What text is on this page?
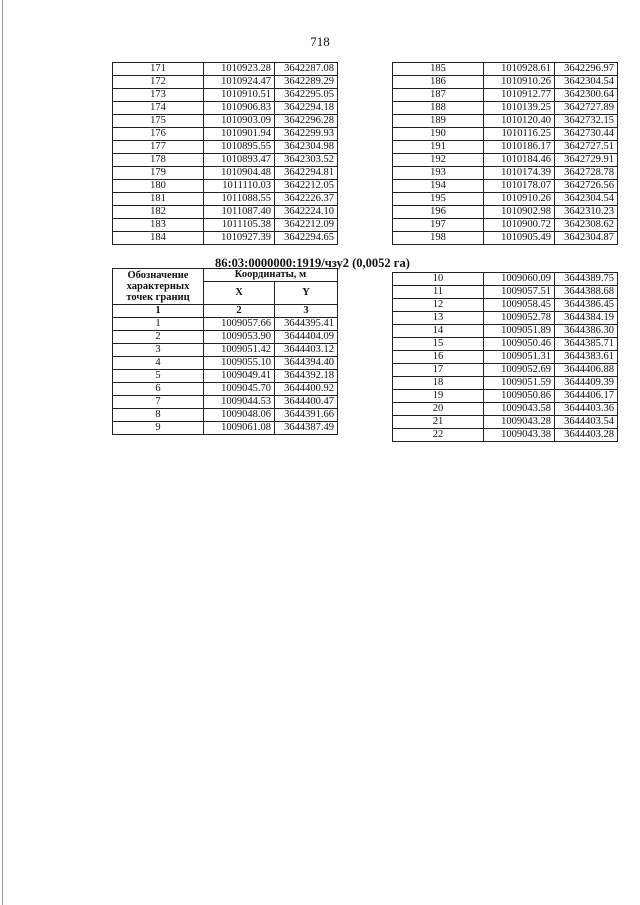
718
171	1010923.28	3642287.08
172	1010924.47	3642289.29
173	1010910.51	3642295.05
174	1010906.83	3642294.18
175	1010903.09	3642296.28
176	1010901.94	3642299.93
177	1010895.55	3642304.98
178	1010893.47	3642303.52
179	1010904.48	3642294.81
180	1011110.03	3642212.05
181	1011088.55	3642226.37
182	1011087.40	3642224.10
183	1011105.38	3642212.09
184	1010927.39	3642294.65
185	1010928.61	3642296.97
186	1010910.26	3642304.54
187	1010912.77	3642300.64
188	1010139.25	3642727.89
189	1010120.40	3642732.15
190	1010116.25	3642730.44
191	1010186.17	3642727.51
192	1010184.46	3642729.91
193	1010174.39	3642728.78
194	1010178.07	3642726.56
195	1010910.26	3642304.54
196	1010902.98	3642310.23
197	1010900.72	3642308.62
198	1010905.49	3642304.87
86:03:0000000:1919/чзу2 (0,0052 га)
Обозначение характерных точек границ	Координаты, м	
	X	Y
1	2	3
1	1009057.66	3644395.41
2	1009053.90	3644404.09
3	1009051.42	3644403.12
4	1009055.10	3644394.40
5	1009049.41	3644392.18
6	1009045.70	3644400.92
7	1009044.53	3644400.47
8	1009048.06	3644391.66
9	1009061.08	3644387.49
10	1009060.09	3644389.75
11	1009057.51	3644388.68
12	1009058.45	3644386.45
13	1009052.78	3644384.19
14	1009051.89	3644386.30
15	1009050.46	3644385.71
16	1009051.31	3644383.61
17	1009052.69	3644406.88
18	1009051.59	3644409.39
19	1009050.86	3644406.17
20	1009043.58	3644403.36
21	1009043.28	3644403.54
22	1009043.38	3644403.28
